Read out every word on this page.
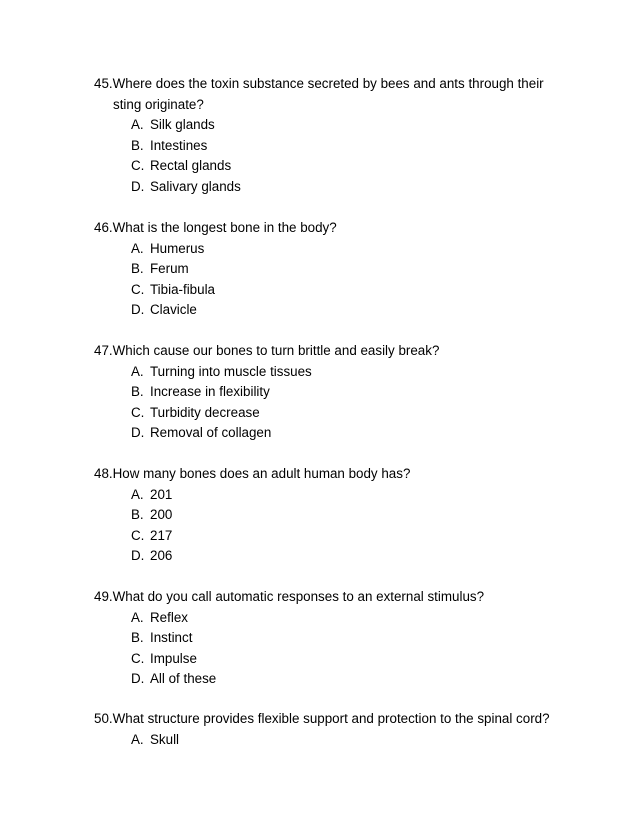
45.Where does the toxin substance secreted by bees and ants through their
sting originate?
A. Silk glands
B. Intestines
C. Rectal glands
D. Salivary glands
46.What is the longest bone in the body?
A. Humerus
B. Ferum
C. Tibia-fibula
D. Clavicle
47.Which cause our bones to turn brittle and easily break?
A. Turning into muscle tissues
B. Increase in flexibility
C. Turbidity decrease
D. Removal of collagen
48.How many bones does an adult human body has?
A. 201
B. 200
C. 217
D. 206
49.What do you call automatic responses to an external stimulus?
A. Reflex
B. Instinct
C. Impulse
D. All of these
50.What structure provides flexible support and protection to the spinal cord?
A. Skull
